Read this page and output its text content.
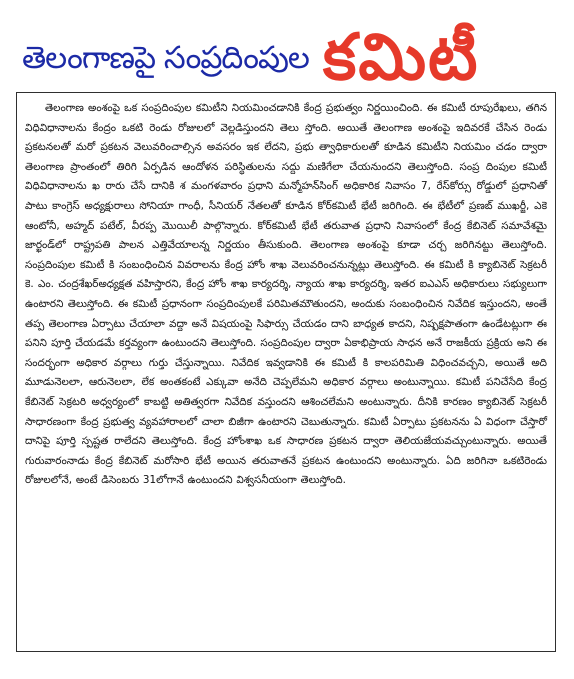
తెలంగాణపై సంప్రదింపుల కమిటీ

తెలంగాణ అంశంపై ఒక సంప్రదింపుల కమిటీని నియమించడానికి కేంద్ర ప్రభుత్వం నిర్ణయించింది. ఈ కమిటీ రూపురేఖలు, తగిన విధివిధానాలను కేంద్రం ఒకటి రెండు రోజులలో వెల్లడిస్తుందని తెలు స్తోంది. అయితే తెలంగాణ అంశంపై ఇదివరకే చేసిన రెండు ప్రకటనలతో మరో ప్రకటన వెలువరించాల్సిన అవసరం ఇక లేదని, ప్రభు త్వాధికారులతో కూడిన కమిటీని నియమిం చడం ద్వారా తెలంగాణ ప్రాంతంలో తిరిగి ఏర్పడిన ఆందోళన పరిస్థితులను సద్దు మణిగేలా చేయనుందని తెలుస్తోంది. సంప్ర దింపుల కమిటీ విధివిధానాలను ఖ రారు చేసే దానికి శ మంగళవారం ప్రధాని మన్మోహన్‌సింగ్ అధికారిక నివాసం 7, రేస్‌కోర్సు రోడ్డులో ప్రధానితో పాటు కాంగ్రెస్ అధ్యక్షురాలు సోనియా గాంధీ, సీనియర్ నేతలతో కూడిన కోర్‌కమిటీ భేటీ జరిగింది. ఈ భేటీలో ప్రణబ్ ముఖర్జీ, ఎకె ఆంటోనీ, అహ్మద్ పటేల్, వీరప్ప మొయిలీ పాల్గొన్నారు. కోర్‌కమిటీ భేటీ తరువాత ప్రధాని నివాసంలో కేంద్ర కేబినెట్ సమావేశమై జార్ఖండ్‌లో రాష్ట్రపతి పాలన ఎత్తివేయాలన్న నిర్ణయం తీసుకుంది. తెలంగాణ అంశంపై కూడా చర్చ జరిగినట్టు తెలుస్తోంది. సంప్రదింపుల కమిటీ కి సంబంధించిన వివరాలను కేంద్ర హోం శాఖ వెలువరించనున్నట్లు తెలుస్తోంది. ఈ కమిటీ కి క్యాబినెట్ సెక్రటరీ కె. ఎం. చంద్రశేఖర్‌అధ్యక్షత వహిస్తారని, కేంద్ర హోం శాఖ కార్యదర్శి, న్యాయ శాఖ కార్యదర్శి, ఇతర ఐఎఎస్ అధికారులు సభ్యులుగా ఉంటారని తెలుస్తోంది. ఈ కమిటీ ప్రధానంగా సంప్రదింపులకే పరిమితమౌతుందని, అందుకు సంబంధించిన నివేదిక ఇస్తుందని, అంతే తప్ప తెలంగాణ ఏర్పాటు చేయాలా వద్దా అనే విషయంపై సిఫార్సు చేయడం దాని బాధ్యత కాదని, నిష్పక్షపాతంగా ఉండేటట్లుగా ఈ పనిని పూర్తి చేయడమే కర్తవ్యంగా ఉంటుందని తెలుస్తోంది. సంప్రదింపుల ద్వారా ఏకాభిప్రాయ సాధన అనే రాజకీయ ప్రక్రియ అని ఈ సందర్భంగా అధికార వర్గాలు గుర్తు చేస్తున్నాయి. నివేదిక ఇవ్వడానికి ఈ కమిటీ కి కాలపరిమితి విధించవచ్చని, అయితే అది మూడునెలలా, ఆరునెలలా, లేక అంతకంటే ఎక్కువా అనేది చెప్పలేమని అధికార వర్గాలు అంటున్నాయి. కమిటీ పనిచేసేది కేంద్ర కేబినెట్ సెక్రటరి అధ్వర్యంలో కాబట్టి అతిత్వరగా నివేదిక వస్తుందని ఆశించలేమని అంటున్నారు. దీనికి కారణం క్యాబినెట్ సెక్రటరీ సాధారణంగా కేంద్ర ప్రభుత్వ వ్యవహారాలలో చాలా బిజీగా ఉంటారని చెబుతున్నారు. కమిటీ ఏర్పాటు ప్రకటనను ఏ విధంగా చేస్తారో దానిపై పూర్తి స్పష్టత రాలేదని తెలుస్తోంది. కేంద్ర హోంశాఖ ఒక సాధారణ ప్రకటన ద్వారా తెలియజేయవచ్చుంటున్నారు. అయితే గురువారంనాడు కేంద్ర కేబినెట్ మరోసారి భేటీ అయిన తరువాతనే ప్రకటన ఉంటుందని అంటున్నారు. ఏది జరిగినా ఒకటిరెండు రోజులలోనే, అంటే డిసెంబరు 31లోగానే ఉంటుందని విశ్వసనీయంగా తెలుస్తోంది.
